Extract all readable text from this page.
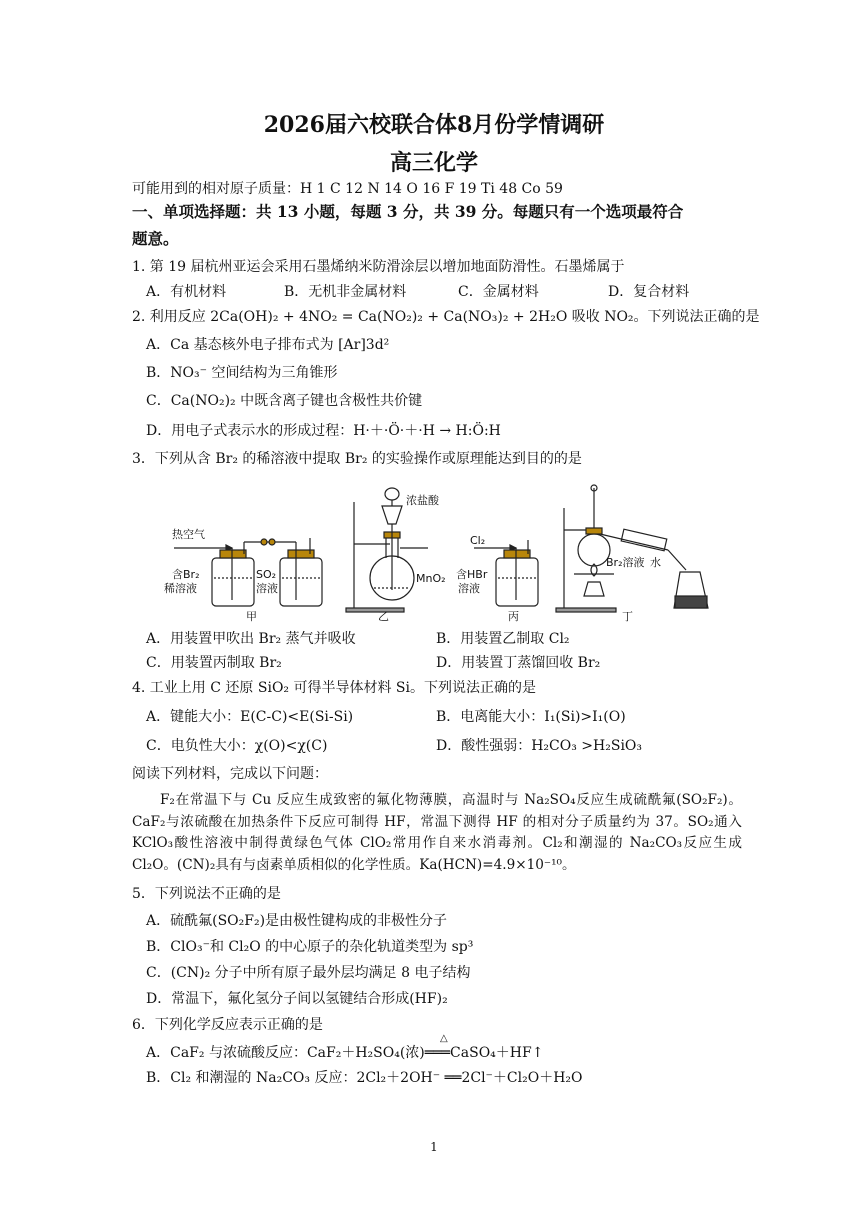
2026届六校联合体8月份学情调研
高三化学
可能用到的相对原子质量：H 1 C 12 N 14 O 16 F 19 Ti 48 Co 59
一、单项选择题：共 13 小题，每题 3 分，共 39 分。每题只有一个选项最符合
题意。
1. 第 19 届杭州亚运会采用石墨烯纳米防滑涂层以增加地面防滑性。石墨烯属于
A．有机材料	B．无机非金属材料	C．金属材料	D．复合材料
2. 利用反应 2Ca(OH)₂ + 4NO₂ = Ca(NO₂)₂ + Ca(NO₃)₂ + 2H₂O 吸收 NO₂。下列说法正确的是
A．Ca 基态核外电子排布式为 [Ar]3d²
B．NO₃⁻ 空间结构为三角锥形
C．Ca(NO₂)₂ 中既含离子键也含极性共价键
D．用电子式表示水的形成过程：H·＋·Ö·＋·H → H:Ö:H
3．下列从含 Br₂ 的稀溶液中提取 Br₂ 的实验操作或原理能达到目的的是
热空气
含Br₂
稀溶液
SO₂
溶液
浓盐酸
MnO₂
Cl₂
含HBr
溶液
Br₂溶液 水
甲	乙	丙	丁
A．用装置甲吹出 Br₂ 蒸气并吸收	B．用装置乙制取 Cl₂
C．用装置丙制取 Br₂	D．用装置丁蒸馏回收 Br₂
4. 工业上用 C 还原 SiO₂ 可得半导体材料 Si。下列说法正确的是
A．键能大小：E(C-C)<E(Si-Si)	B．电离能大小：I₁(Si)>I₁(O)
C．电负性大小：χ(O)<χ(C)	D．酸性强弱：H₂CO₃ >H₂SiO₃
阅读下列材料，完成以下问题：
F₂在常温下与 Cu 反应生成致密的氟化物薄膜，高温时与 Na₂SO₄反应生成硫酰氟(SO₂F₂)。CaF₂与浓硫酸在加热条件下反应可制得 HF，常温下测得 HF 的相对分子质量约为 37。SO₂通入 KClO₃酸性溶液中制得黄绿色气体 ClO₂常用作自来水消毒剂。Cl₂和潮湿的 Na₂CO₃反应生成 Cl₂O。(CN)₂具有与卤素单质相似的化学性质。Ka(HCN)=4.9×10⁻¹⁰。
5．下列说法不正确的是
A．硫酰氟(SO₂F₂)是由极性键构成的非极性分子
B．ClO₃⁻和 Cl₂O 的中心原子的杂化轨道类型为 sp³
C．(CN)₂ 分子中所有原子最外层均满足 8 电子结构
D．常温下，氟化氢分子间以氢键结合形成(HF)₂
6．下列化学反应表示正确的是
△
A．CaF₂ 与浓硫酸反应：CaF₂＋H₂SO₄(浓)═══CaSO₄＋HF↑
B．Cl₂ 和潮湿的 Na₂CO₃ 反应：2Cl₂＋2OH⁻ ══2Cl⁻＋Cl₂O＋H₂O
1
